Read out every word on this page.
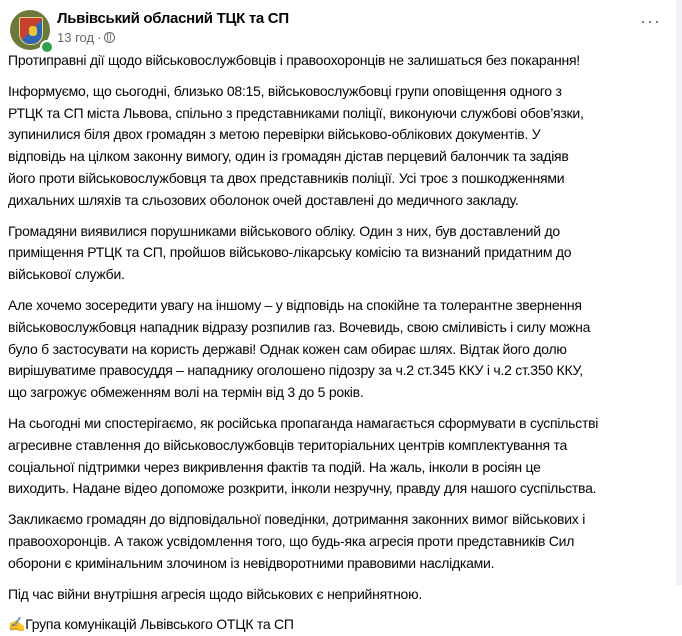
Львівський обласний ТЦК та СП
13 год ·
···
Протиправні дії щодо військовослужбовців і правоохоронців не залишаться без покарання!
Інформуємо, що сьогодні, близько 08:15, військовослужбовці групи оповіщення одного з
РТЦК та СП міста Львова, спільно з представниками поліції, виконуючи службові обов’язки,
зупинилися біля двох громадян з метою перевірки військово-облікових документів. У
відповідь на цілком законну вимогу, один із громадян дістав перцевий балончик та задіяв
його проти військовослужбовця та двох представників поліції. Усі троє з пошкодженнями
дихальних шляхів та сльозових оболонок очей доставлені до медичного закладу.
Громадяни виявилися порушниками військового обліку. Один з них, був доставлений до
приміщення РТЦК та СП, пройшов військово-лікарську комісію та визнаний придатним до
військової служби.
Але хочемо зосередити увагу на іншому – у відповідь на спокійне та толерантне звернення
військовослужбовця нападник відразу розпилив газ. Вочевидь, свою сміливість і силу можна
було б застосувати на користь державі! Однак кожен сам обирає шлях. Відтак його долю
вирішуватиме правосуддя – нападнику оголошено підозру за ч.2 ст.345 ККУ і ч.2 ст.350 ККУ,
що загрожує обмеженням волі на термін від 3 до 5 років.
На сьогодні ми спостерігаємо, як російська пропаганда намагається сформувати в суспільстві
агресивне ставлення до військовослужбовців територіальних центрів комплектування та
соціальної підтримки через викривлення фактів та подій. На жаль, інколи в росіян це
виходить. Надане відео допоможе розкрити, інколи незручну, правду для нашого суспільства.
Закликаємо громадян до відповідальної поведінки, дотримання законних вимог військових і
правоохоронців. А також усвідомлення того, що будь-яка агресія проти представників Сил
оборони є кримінальним злочином із невідворотними правовими наслідками.
Під час війни внутрішня агресія щодо військових є неприйнятною.
✍Група комунікацій Львівського ОТЦК та СП
